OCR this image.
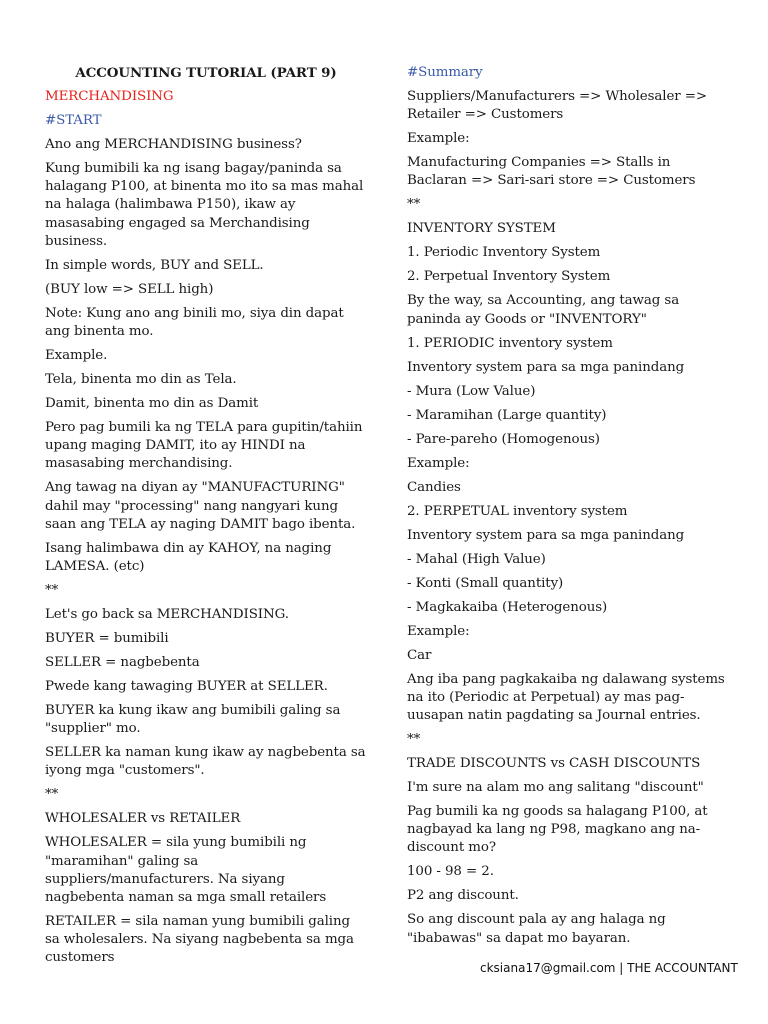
ACCOUNTING TUTORIAL (PART 9)

MERCHANDISING

#START

Ano ang MERCHANDISING business?

Kung bumibili ka ng isang bagay/paninda sa halagang P100, at binenta mo ito sa mas mahal na halaga (halimbawa P150), ikaw ay masasabing engaged sa Merchandising business.

In simple words, BUY and SELL.

(BUY low => SELL high)

Note: Kung ano ang binili mo, siya din dapat ang binenta mo.

Example.

Tela, binenta mo din as Tela.

Damit, binenta mo din as Damit

Pero pag bumili ka ng TELA para gupitin/tahiin upang maging DAMIT, ito ay HINDI na masasabing merchandising.

Ang tawag na diyan ay "MANUFACTURING" dahil may "processing" nang nangyari kung saan ang TELA ay naging DAMIT bago ibenta.

Isang halimbawa din ay KAHOY, na naging LAMESA. (etc)

**

Let's go back sa MERCHANDISING.

BUYER = bumibili

SELLER = nagbebenta

Pwede kang tawaging BUYER at SELLER.

BUYER ka kung ikaw ang bumibili galing sa "supplier" mo.

SELLER ka naman kung ikaw ay nagbebenta sa iyong mga "customers".

**

WHOLESALER vs RETAILER

WHOLESALER = sila yung bumibili ng "maramihan" galing sa suppliers/manufacturers. Na siyang nagbebenta naman sa mga small retailers

RETAILER = sila naman yung bumibili galing sa wholesalers. Na siyang nagbebenta sa mga customers

#Summary

Suppliers/Manufacturers => Wholesaler => Retailer => Customers

Example:

Manufacturing Companies => Stalls in Baclaran => Sari-sari store => Customers

**

INVENTORY SYSTEM

1. Periodic Inventory System

2. Perpetual Inventory System

By the way, sa Accounting, ang tawag sa paninda ay Goods or "INVENTORY"

1. PERIODIC inventory system

Inventory system para sa mga panindang

- Mura (Low Value)

- Maramihan (Large quantity)

- Pare-pareho (Homogenous)

Example:

Candies

2. PERPETUAL inventory system

Inventory system para sa mga panindang

- Mahal (High Value)

- Konti (Small quantity)

- Magkakaiba (Heterogenous)

Example:

Car

Ang iba pang pagkakaiba ng dalawang systems na ito (Periodic at Perpetual) ay mas pag-uusapan natin pagdating sa Journal entries.

**

TRADE DISCOUNTS vs CASH DISCOUNTS

I'm sure na alam mo ang salitang "discount"

Pag bumili ka ng goods sa halagang P100, at nagbayad ka lang ng P98, magkano ang na-discount mo?

100 - 98 = 2.

P2 ang discount.

So ang discount pala ay ang halaga ng "ibabawas" sa dapat mo bayaran.

cksiana17@gmail.com | THE ACCOUNTANT
